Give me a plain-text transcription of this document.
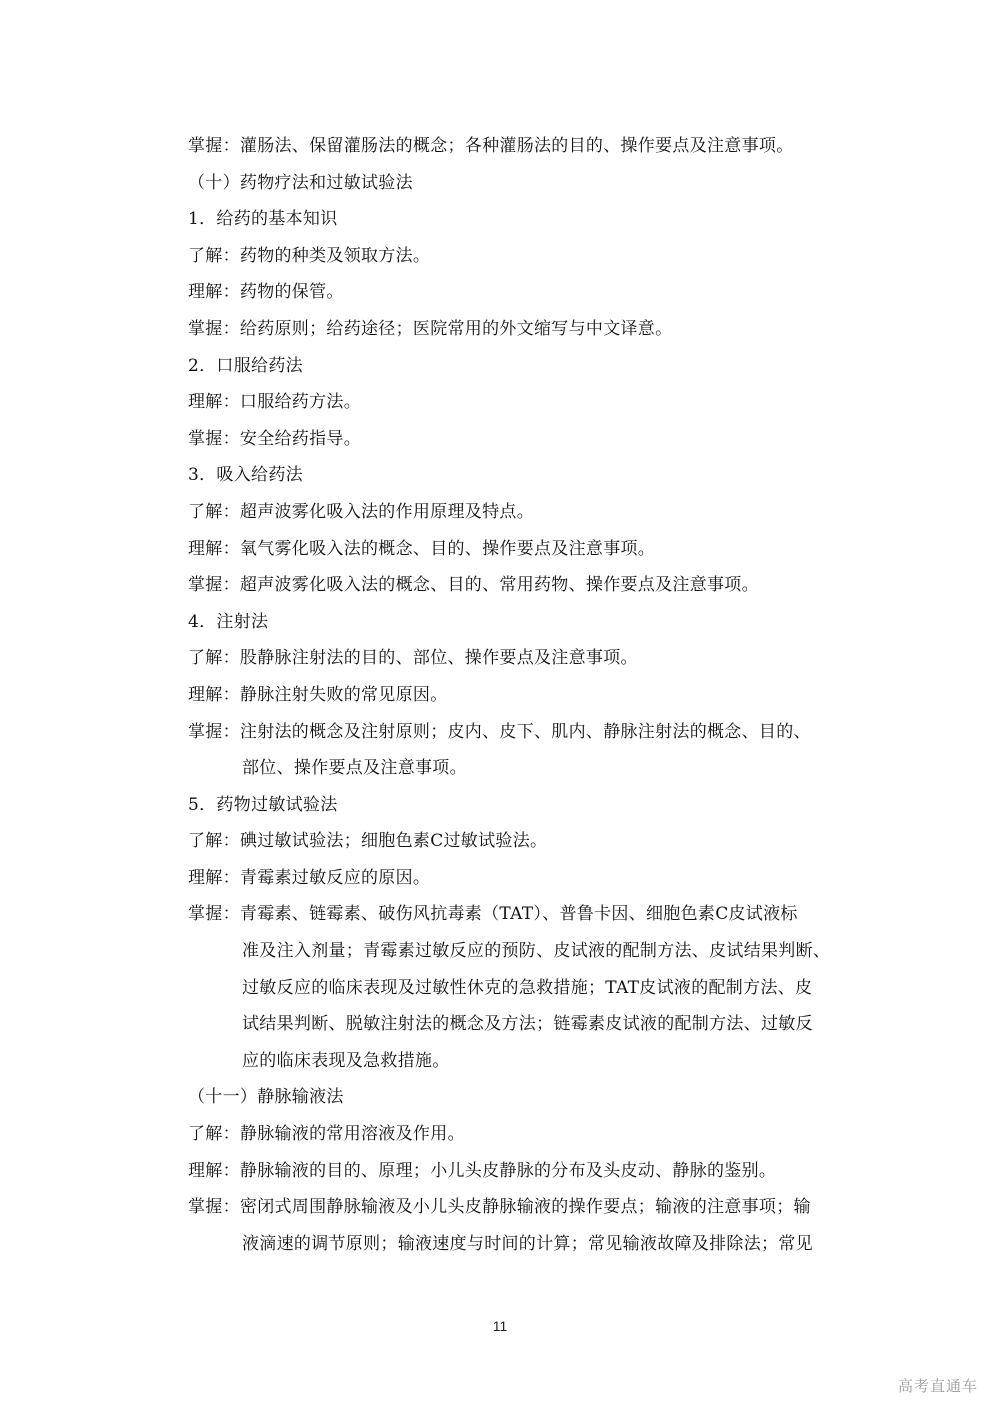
掌握：灌肠法、保留灌肠法的概念；各种灌肠法的目的、操作要点及注意事项。
（十）药物疗法和过敏试验法
1．给药的基本知识
了解：药物的种类及领取方法。
理解：药物的保管。
掌握：给药原则；给药途径；医院常用的外文缩写与中文译意。
2．口服给药法
理解：口服给药方法。
掌握：安全给药指导。
3．吸入给药法
了解：超声波雾化吸入法的作用原理及特点。
理解：氧气雾化吸入法的概念、目的、操作要点及注意事项。
掌握：超声波雾化吸入法的概念、目的、常用药物、操作要点及注意事项。
4．注射法
了解：股静脉注射法的目的、部位、操作要点及注意事项。
理解：静脉注射失败的常见原因。
掌握：注射法的概念及注射原则；皮内、皮下、肌内、静脉注射法的概念、目的、
部位、操作要点及注意事项。
5．药物过敏试验法
了解：碘过敏试验法；细胞色素C过敏试验法。
理解：青霉素过敏反应的原因。
掌握：青霉素、链霉素、破伤风抗毒素（TAT）、普鲁卡因、细胞色素C皮试液标
准及注入剂量；青霉素过敏反应的预防、皮试液的配制方法、皮试结果判断、
过敏反应的临床表现及过敏性休克的急救措施；TAT皮试液的配制方法、皮
试结果判断、脱敏注射法的概念及方法；链霉素皮试液的配制方法、过敏反
应的临床表现及急救措施。
（十一）静脉输液法
了解：静脉输液的常用溶液及作用。
理解：静脉输液的目的、原理；小儿头皮静脉的分布及头皮动、静脉的鉴别。
掌握：密闭式周围静脉输液及小儿头皮静脉输液的操作要点；输液的注意事项；输
液滴速的调节原则；输液速度与时间的计算；常见输液故障及排除法；常见
11
高考直通车
